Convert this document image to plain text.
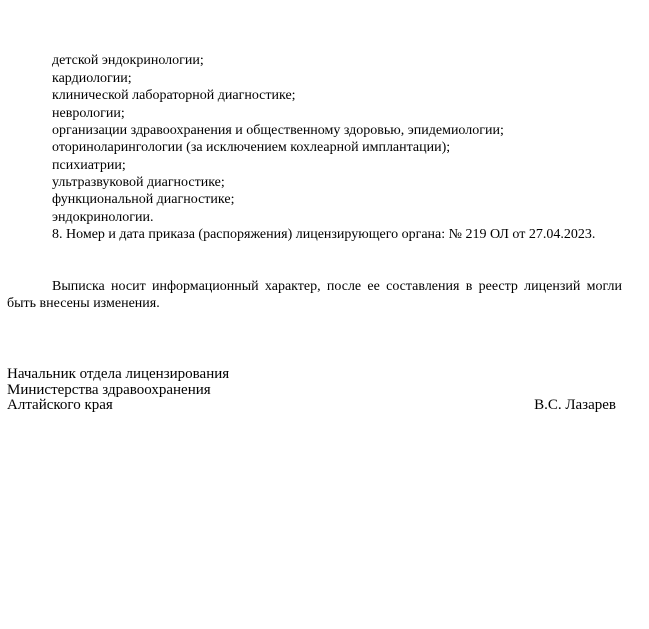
детской эндокринологии;
кардиологии;
клинической лабораторной диагностике;
неврологии;
организации здравоохранения и общественному здоровью, эпидемиологии;
оториноларингологии (за исключением кохлеарной имплантации);
психиатрии;
ультразвуковой диагностике;
функциональной диагностике;
эндокринологии.
8. Номер и дата приказа (распоряжения) лицензирующего органа: № 219 ОЛ от 27.04.2023.
Выписка носит информационный характер, после ее составления в реестр лицензий могли быть внесены изменения.
Начальник отдела лицензирования
Министерства здравоохранения
Алтайского края	В.С. Лазарев
